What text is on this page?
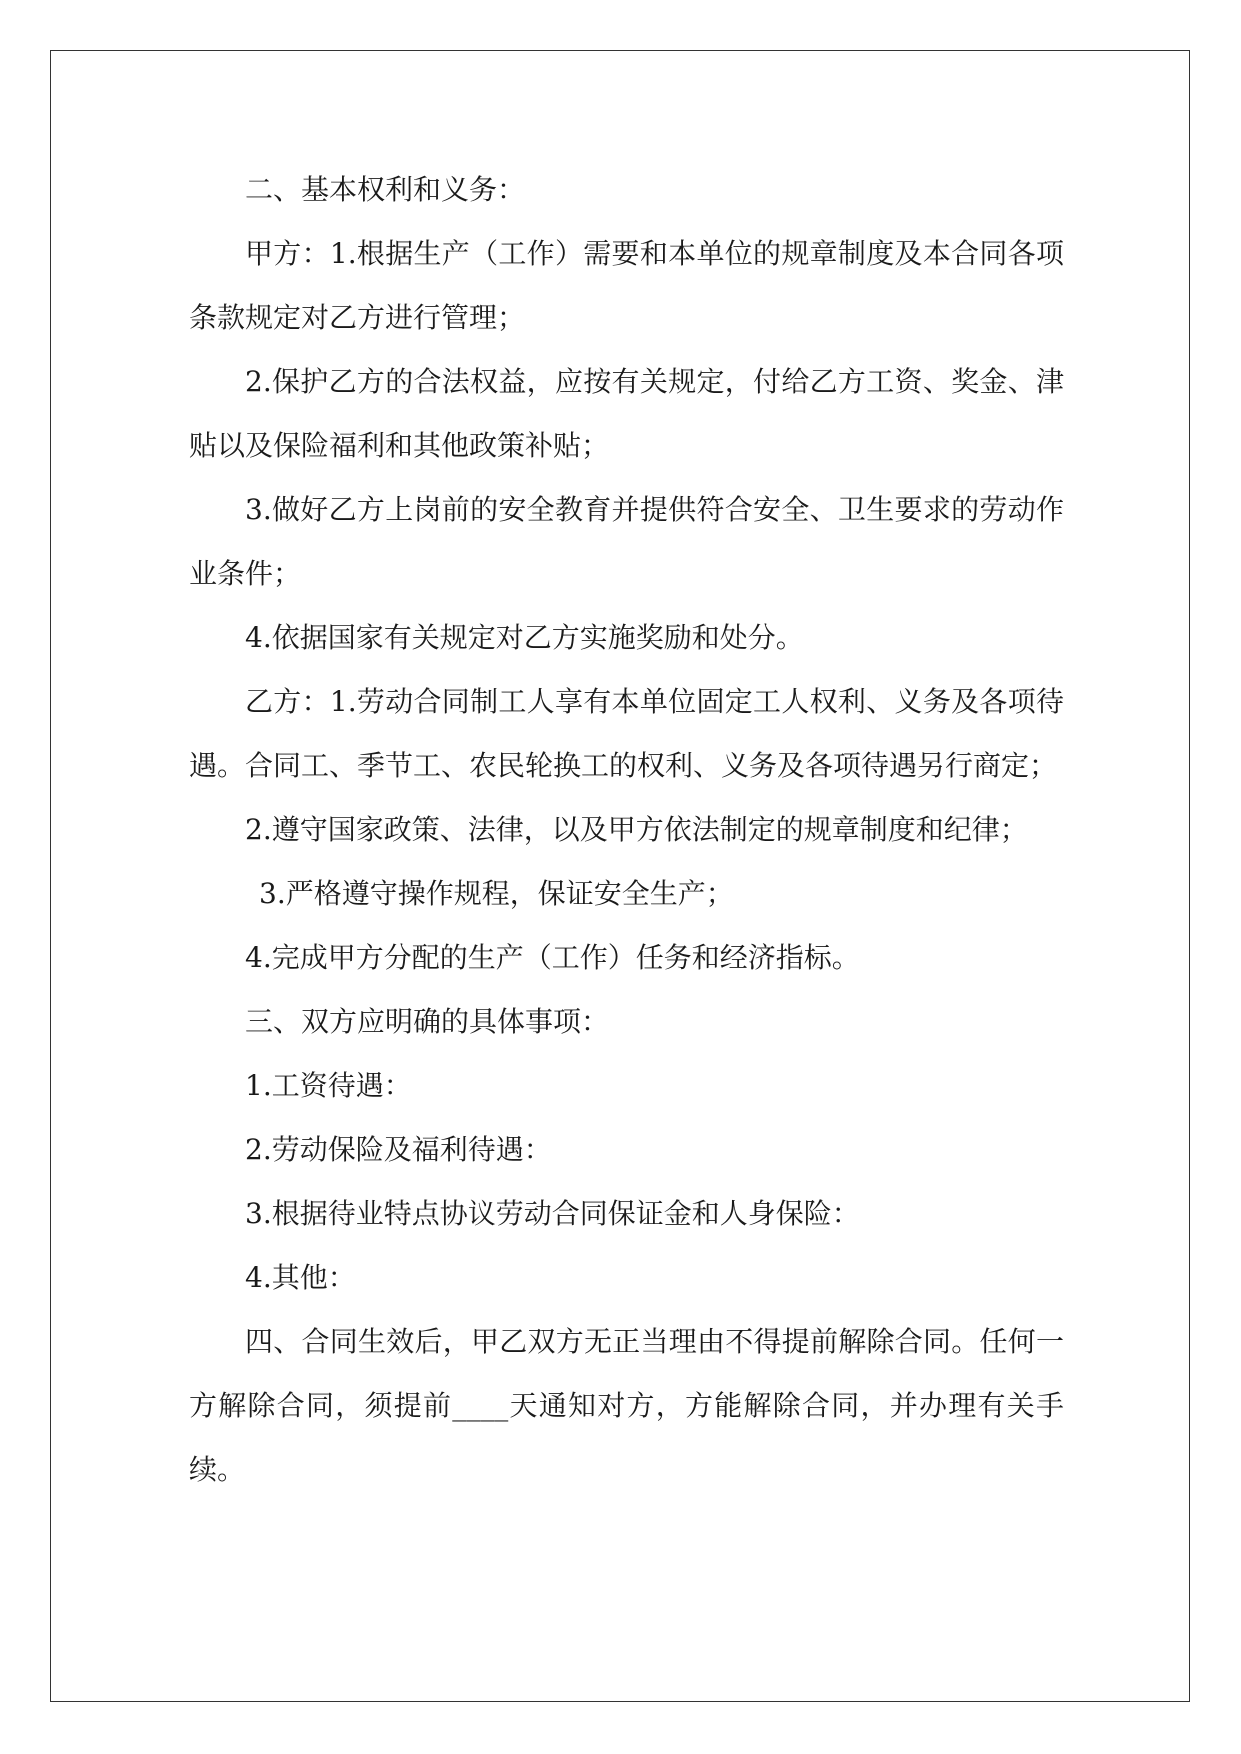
二、基本权利和义务：

甲方：1.根据生产（工作）需要和本单位的规章制度及本合同各项条款规定对乙方进行管理；

2.保护乙方的合法权益，应按有关规定，付给乙方工资、奖金、津贴以及保险福利和其他政策补贴；

3.做好乙方上岗前的安全教育并提供符合安全、卫生要求的劳动作业条件；

4.依据国家有关规定对乙方实施奖励和处分。

乙方：1.劳动合同制工人享有本单位固定工人权利、义务及各项待遇。合同工、季节工、农民轮换工的权利、义务及各项待遇另行商定；

2.遵守国家政策、法律，以及甲方依法制定的规章制度和纪律；

3.严格遵守操作规程，保证安全生产；

4.完成甲方分配的生产（工作）任务和经济指标。

三、双方应明确的具体事项：

1.工资待遇：

2.劳动保险及福利待遇：

3.根据待业特点协议劳动合同保证金和人身保险：

4.其他：

四、合同生效后，甲乙双方无正当理由不得提前解除合同。任何一方解除合同，须提前____天通知对方，方能解除合同，并办理有关手续。
